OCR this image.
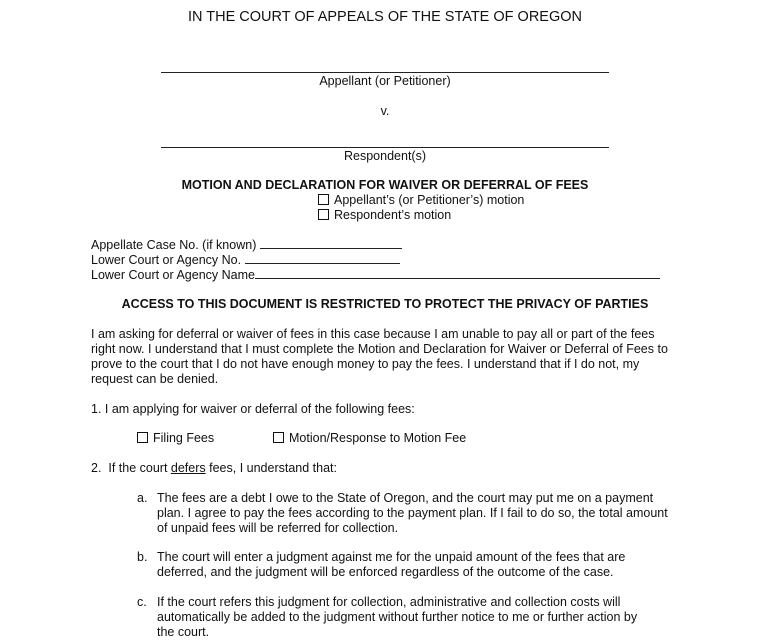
IN THE COURT OF APPEALS OF THE STATE OF OREGON
Appellant (or Petitioner)
v.
Respondent(s)
MOTION AND DECLARATION FOR WAIVER OR DEFERRAL OF FEES
Appellant’s (or Petitioner’s) motion
Respondent’s motion
Appellate Case No. (if known)
Lower Court or Agency No.
Lower Court or Agency Name
ACCESS TO THIS DOCUMENT IS RESTRICTED TO PROTECT THE PRIVACY OF PARTIES
I am asking for deferral or waiver of fees in this case because I am unable to pay all or part of the fees
right now. I understand that I must complete the Motion and Declaration for Waiver or Deferral of Fees to
prove to the court that I do not have enough money to pay the fees. I understand that if I do not, my
request can be denied.
1. I am applying for waiver or deferral of the following fees:
Filing Fees	Motion/Response to Motion Fee
2.  If the court defers fees, I understand that:
a. The fees are a debt I owe to the State of Oregon, and the court may put me on a payment
plan. I agree to pay the fees according to the payment plan. If I fail to do so, the total amount
of unpaid fees will be referred for collection.
b. The court will enter a judgment against me for the unpaid amount of the fees that are
deferred, and the judgment will be enforced regardless of the outcome of the case.
c. If the court refers this judgment for collection, administrative and collection costs will
automatically be added to the judgment without further notice to me or further action by
the court.
